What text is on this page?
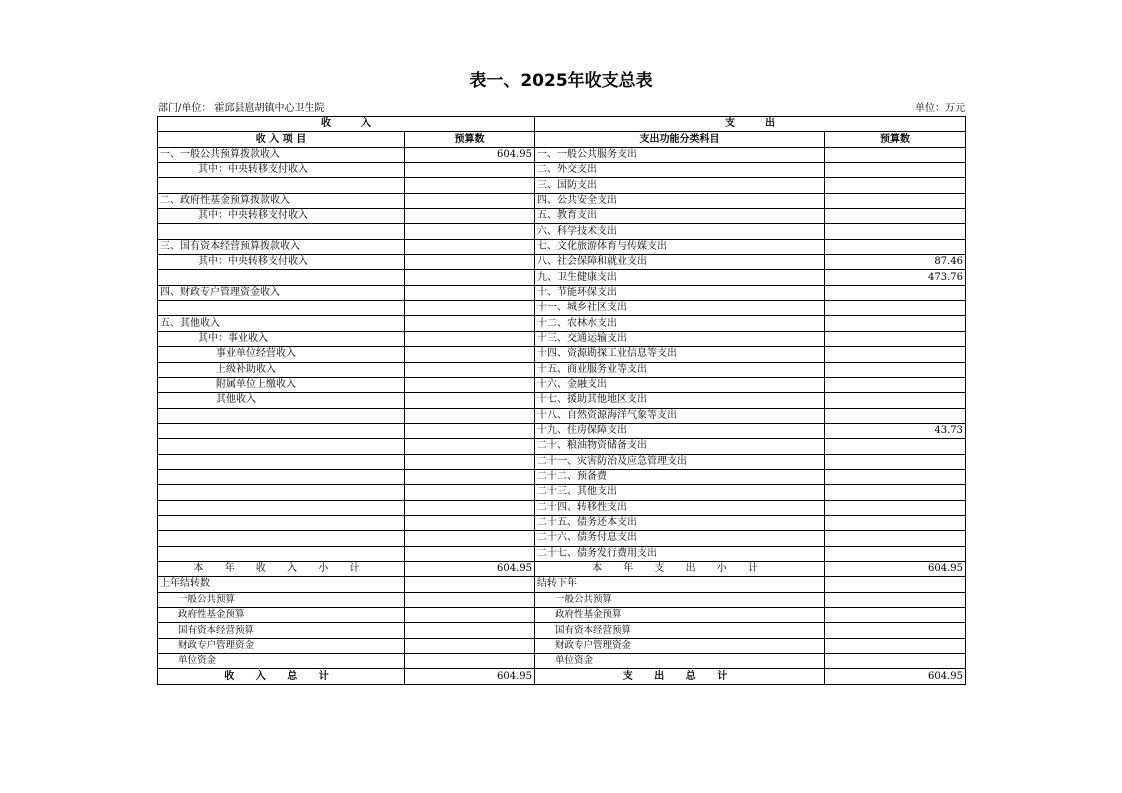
表一、2025年收支总表
部门/单位： 霍邱县扈胡镇中心卫生院	单位：万元
收　　　入		支　　　出	
收 入 项 目	预算数	支出功能分类科目	预算数
一、一般公共预算拨款收入	604.95	一、一般公共服务支出	
其中：中央转移支付收入		二、外交支出	
		三、国防支出	
二、政府性基金预算拨款收入		四、公共安全支出	
其中：中央转移支付收入		五、教育支出	
		六、科学技术支出	
三、国有资本经营预算拨款收入		七、文化旅游体育与传媒支出	
其中：中央转移支付收入		八、社会保障和就业支出	87.46
		九、卫生健康支出	473.76
四、财政专户管理资金收入		十、节能环保支出	
		十一、城乡社区支出	
五、其他收入		十二、农林水支出	
其中：事业收入		十三、交通运输支出	
事业单位经营收入		十四、资源勘探工业信息等支出	
上级补助收入		十五、商业服务业等支出	
附属单位上缴收入		十六、金融支出	
其他收入		十七、援助其他地区支出	
		十八、自然资源海洋气象等支出	
		十九、住房保障支出	43.73
		二十、粮油物资储备支出	
		二十一、灾害防治及应急管理支出	
		二十二、预备费	
		二十三、其他支出	
		二十四、转移性支出	
		二十五、债务还本支出	
		二十六、债务付息支出	
		二十七、债务发行费用支出	
本 年 收 入 小 计	604.95	本 年 支 出 小 计	604.95
上年结转数		结转下年	
一般公共预算		一般公共预算	
政府性基金预算		政府性基金预算	
国有资本经营预算		国有资本经营预算	
财政专户管理资金		财政专户管理资金	
单位资金		单位资金	
收 入 总 计	604.95	支 出 总 计	604.95
